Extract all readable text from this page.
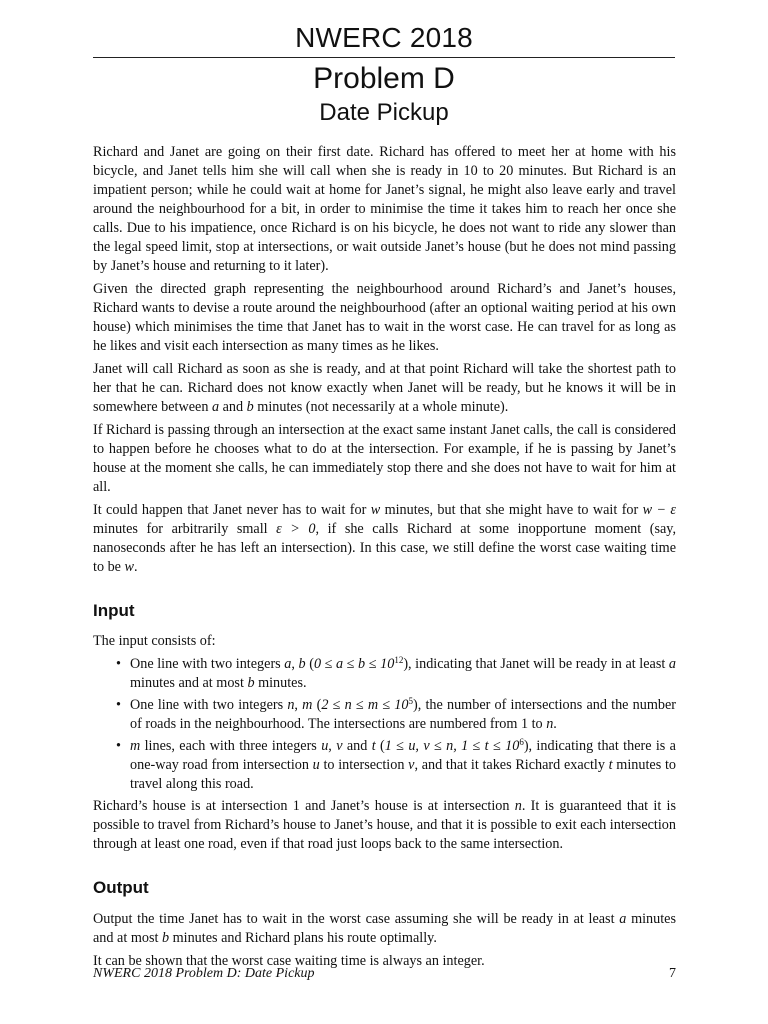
NWERC 2018
Problem D
Date Pickup

Richard and Janet are going on their first date. Richard has offered to meet her at home with his bicycle, and Janet tells him she will call when she is ready in 10 to 20 minutes. But Richard is an impatient person; while he could wait at home for Janet’s signal, he might also leave early and travel around the neighbourhood for a bit, in order to minimise the time it takes him to reach her once she calls. Due to his impatience, once Richard is on his bicycle, he does not want to ride any slower than the legal speed limit, stop at intersections, or wait outside Janet’s house (but he does not mind passing by Janet’s house and returning to it later).

Given the directed graph representing the neighbourhood around Richard’s and Janet’s houses, Richard wants to devise a route around the neighbourhood (after an optional waiting period at his own house) which minimises the time that Janet has to wait in the worst case. He can travel for as long as he likes and visit each intersection as many times as he likes.

Janet will call Richard as soon as she is ready, and at that point Richard will take the shortest path to her that he can. Richard does not know exactly when Janet will be ready, but he knows it will be in somewhere between a and b minutes (not necessarily at a whole minute).

If Richard is passing through an intersection at the exact same instant Janet calls, the call is considered to happen before he chooses what to do at the intersection. For example, if he is passing by Janet’s house at the moment she calls, he can immediately stop there and she does not have to wait for him at all.

It could happen that Janet never has to wait for w minutes, but that she might have to wait for w − ε minutes for arbitrarily small ε > 0, if she calls Richard at some inopportune moment (say, nanoseconds after he has left an intersection). In this case, we still define the worst case waiting time to be w.

Input

The input consists of:

• One line with two integers a, b $(0 \le a \le b \le 10^{12})$, indicating that Janet will be ready in at least a minutes and at most b minutes.
• One line with two integers n, m $(2 \le n \le m \le 10^5)$, the number of intersections and the number of roads in the neighbourhood. The intersections are numbered from 1 to n.
• m lines, each with three integers u, v and t (1 ≤ u, v ≤ n, $1 \le t \le 10^6$), indicating that there is a one-way road from intersection u to intersection v, and that it takes Richard exactly t minutes to travel along this road.

Richard’s house is at intersection 1 and Janet’s house is at intersection n. It is guaranteed that it is possible to travel from Richard’s house to Janet’s house, and that it is possible to exit each intersection through at least one road, even if that road just loops back to the same intersection.

Output

Output the time Janet has to wait in the worst case assuming she will be ready in at least a minutes and at most b minutes and Richard plans his route optimally.

It can be shown that the worst case waiting time is always an integer.

NWERC 2018 Problem D: Date Pickup	7
